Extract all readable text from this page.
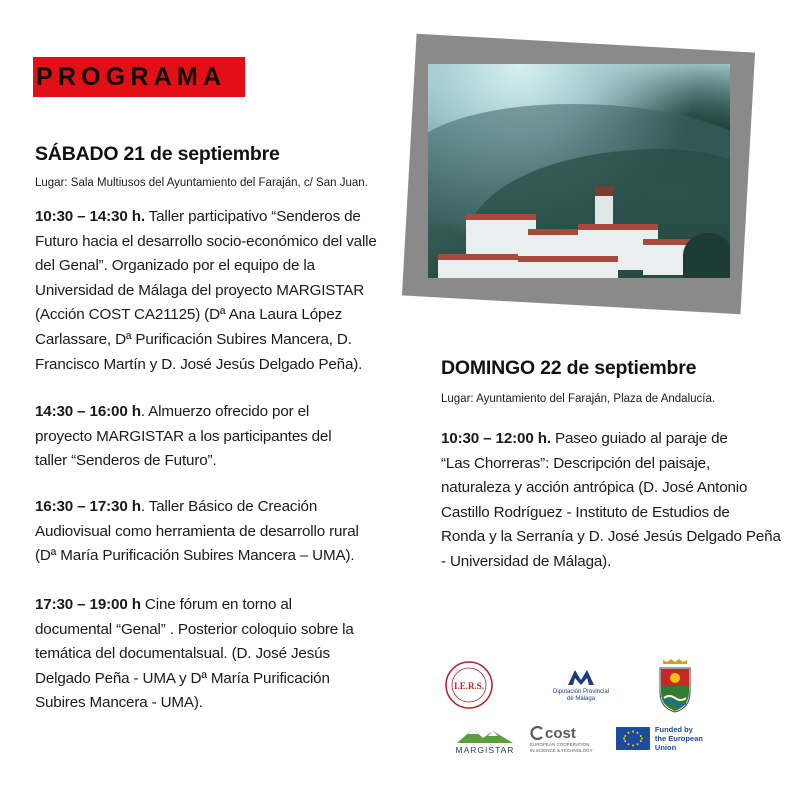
PROGRAMA
SÁBADO 21 de septiembre
Lugar: Sala Multiusos del Ayuntamiento del Faraján, c/ San Juan.
10:30 – 14:30 h. Taller participativo “Senderos de
Futuro hacia el desarrollo socio-económico del valle
del Genal”. Organizado por el equipo de la
Universidad de Málaga del proyecto MARGISTAR
(Acción COST CA21125) (Dª Ana Laura López
Carlassare, Dª Purificación Subires Mancera, D.
Francisco Martín y D. José Jesús Delgado Peña).
14:30 – 16:00 h. Almuerzo ofrecido por el
proyecto MARGISTAR a los participantes del
taller “Senderos de Futuro”.
16:30 – 17:30 h. Taller Básico de Creación
Audiovisual como herramienta de desarrollo rural
(Dª María Purificación Subires Mancera – UMA).
17:30 – 19:00 h Cine fórum en torno al
documental “Genal” . Posterior coloquio sobre la
temática del documentalsual. (D. José Jesús
Delgado Peña - UMA y Dª María Purificación
Subires Mancera - UMA).
DOMINGO 22 de septiembre
Lugar: Ayuntamiento del Faraján, Plaza de Andalucía.
10:30 – 12:00 h. Paseo guiado al paraje de
“Las Chorreras”: Descripción del paisaje,
naturaleza y acción antrópica (D. José Antonio
Castillo Rodríguez - Instituto de Estudios de
Ronda y la Serranía y D. José Jesús Delgado Peña
- Universidad de Málaga).
I.E.R.S.
Diputación Provincial
de Málaga
MARGISTAR
cost
EUROPEAN COOPERATION
IN SCIENCE & TECHNOLOGY
Funded by
the European Union
